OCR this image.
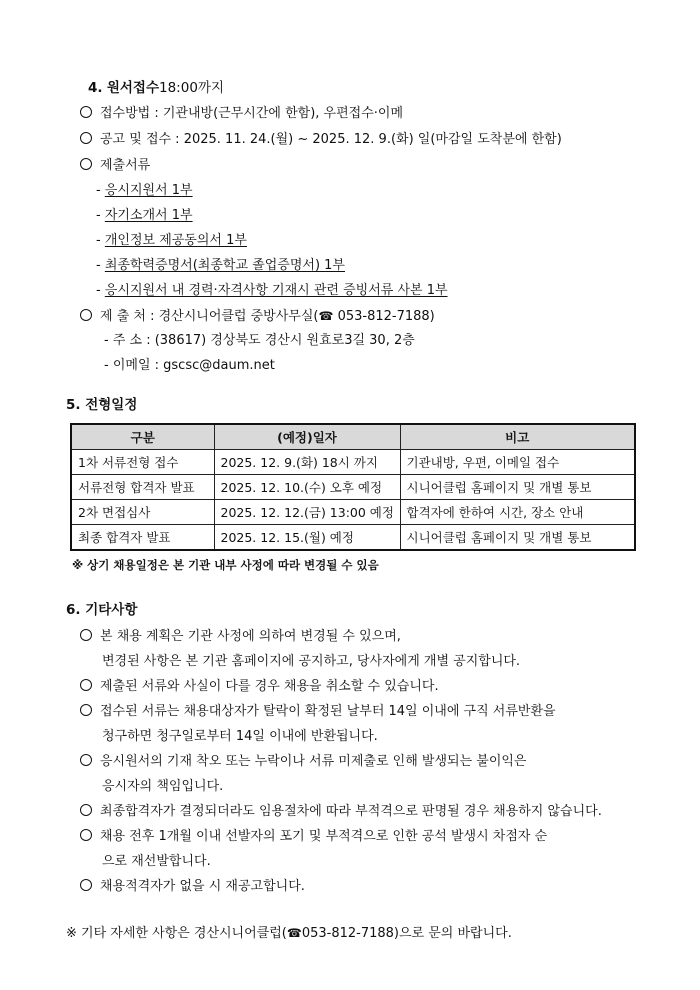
4. 원서접수18:00까지
접수방법 : 기관내방(근무시간에 한함), 우편접수·이메
공고 및 접수 : 2025. 11. 24.(월) ~ 2025. 12. 9.(화) 일(마감일 도착분에 한함)
제출서류
- 응시지원서 1부
- 자기소개서 1부
- 개인정보 제공동의서 1부
- 최종학력증명서(최종학교 졸업증명서) 1부
- 응시지원서 내 경력·자격사항 기재시 관련 증빙서류 사본 1부
제 출 처 : 경산시니어클럽 중방사무실(☎ 053-812-7188)
- 주 소 : (38617) 경상북도 경산시 원효로3길 30, 2층
- 이메일 : gscsc@daum.net
5. 전형일정
구분	(예정)일자	비고
1차 서류전형 접수	2025. 12. 9.(화) 18시 까지	기관내방, 우편, 이메일 접수
서류전형 합격자 발표	2025. 12. 10.(수) 오후 예정	시니어클럽 홈페이지 및 개별 통보
2차 면접심사	2025. 12. 12.(금) 13:00 예정	합격자에 한하여 시간, 장소 안내
최종 합격자 발표	2025. 12. 15.(월) 예정	시니어클럽 홈페이지 및 개별 통보
※ 상기 채용일정은 본 기관 내부 사정에 따라 변경될 수 있음
6. 기타사항
본 채용 계획은 기관 사정에 의하여 변경될 수 있으며,
변경된 사항은 본 기관 홈페이지에 공지하고, 당사자에게 개별 공지합니다.
제출된 서류와 사실이 다를 경우 채용을 취소할 수 있습니다.
접수된 서류는 채용대상자가 탈락이 확정된 날부터 14일 이내에 구직 서류반환을
청구하면 청구일로부터 14일 이내에 반환됩니다.
응시원서의 기재 착오 또는 누락이나 서류 미제출로 인해 발생되는 불이익은
응시자의 책임입니다.
최종합격자가 결정되더라도 임용절차에 따라 부적격으로 판명될 경우 채용하지 않습니다.
채용 전후 1개월 이내 선발자의 포기 및 부적격으로 인한 공석 발생시 차점자 순
으로 재선발합니다.
채용적격자가 없을 시 재공고합니다.
※ 기타 자세한 사항은 경산시니어클럽(☎053-812-7188)으로 문의 바랍니다.
